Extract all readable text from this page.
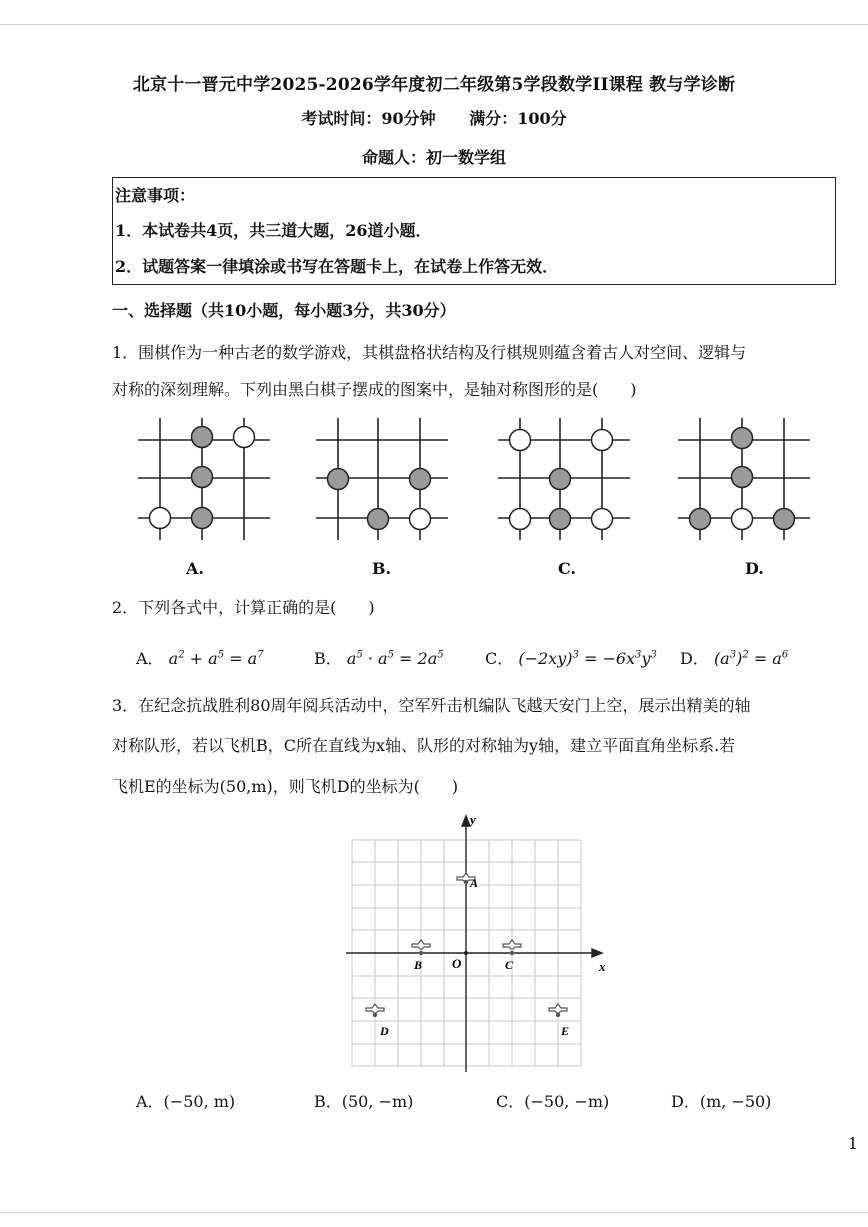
北京十一晋元中学2025-2026学年度初二年级第5学段数学II课程 教与学诊断
考试时间：90分钟 满分：100分
命题人：初一数学组
注意事项：
1．本试卷共4页，共三道大题，26道小题．
2．试题答案一律填涂或书写在答题卡上，在试卷上作答无效．
一、选择题（共10小题，每小题3分，共30分）
1．围棋作为一种古老的数学游戏，其棋盘格状结构及行棋规则蕴含着古人对空间、逻辑与
对称的深刻理解。下列由黑白棋子摆成的图案中，是轴对称图形的是(　　)
A.	B.	C.	D.
2．下列各式中，计算正确的是(　　)
A． $a^2 + a^5 = a^7$	B． $a^5 \cdot a^5 = 2a^5$	C． $(-2xy)^3 = -6x^3y^3$ D． $(a^3)^2 = a^6$
3．在纪念抗战胜利80周年阅兵活动中，空军歼击机编队飞越天安门上空，展示出精美的轴
对称队形，若以飞机B，C所在直线为x轴、队形的对称轴为y轴，建立平面直角坐标系.若
飞机E的坐标为(50,m)，则飞机D的坐标为(　　)
x
y
O
A
B	C
D	E
A．(−50, m)	B．(50, −m)	C．(−50, −m)	D．(m, −50)
1
